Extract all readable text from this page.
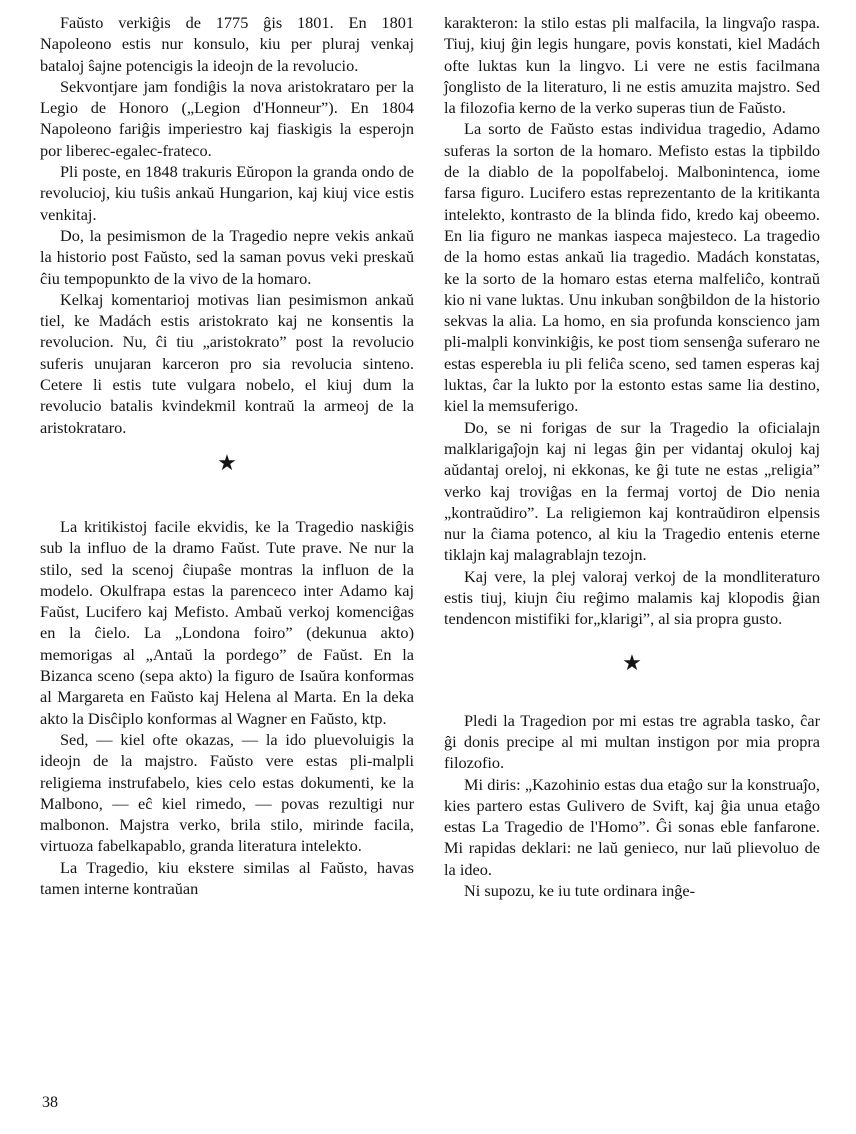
Faŭsto verkiĝis de 1775 ĝis 1801. En 1801 Napoleono estis nur konsulo, kiu per pluraj venkaj bataloj ŝajne potencigis la ideojn de la revolucio.

Sekvontjare jam fondiĝis la nova aristokrataro per la Legio de Honoro („Legion d'Honneur”). En 1804 Napoleono fariĝis imperiestro kaj fiaskigis la esperojn por liberec-egalec-frateco.

Pli poste, en 1848 trakuris Eŭropon la granda ondo de revolucioj, kiu tuŝis ankaŭ Hungarion, kaj kiuj vice estis venkitaj.

Do, la pesimismon de la Tragedio nepre vekis ankaŭ la historio post Faŭsto, sed la saman povus veki preskaŭ ĉiu tempopunkto de la vivo de la homaro.

Kelkaj komentarioj motivas lian pesimismon ankaŭ tiel, ke Madách estis aristokrato kaj ne konsentis la revolucion. Nu, ĉi tiu „aristokrato” post la revolucio suferis unujaran karceron pro sia revolucia sinteno. Cetere li estis tute vulgara nobelo, el kiuj dum la revolucio batalis kvindekmil kontraŭ la armeoj de la aristokrataro.

★

La kritikistoj facile ekvidis, ke la Tragedio naskiĝis sub la influo de la dramo Faŭst. Tute prave. Ne nur la stilo, sed la scenoj ĉiupaŝe montras la influon de la modelo. Okulfrapa estas la parenceco inter Adamo kaj Faŭst, Lucifero kaj Mefisto. Ambaŭ verkoj komenciĝas en la ĉielo. La „Londona foiro” (dekunua akto) memorigas al „Antaŭ la pordego” de Faŭst. En la Bizanca sceno (sepa akto) la figuro de Isaŭra konformas al Margareta en Faŭsto kaj Helena al Marta. En la deka akto la Disĉiplo konformas al Wagner en Faŭsto, ktp.

Sed, — kiel ofte okazas, — la ido pluevoluigis la ideojn de la majstro. Faŭsto vere estas pli-malpli religiema instrufabelo, kies celo estas dokumenti, ke la Malbono, — eĉ kiel rimedo, — povas rezultigi nur malbonon. Majstra verko, brila stilo, mirinde facila, virtuoza fabelkapablo, granda literatura intelekto.

La Tragedio, kiu ekstere similas al Faŭsto, havas tamen interne kontraŭan

karakteron: la stilo estas pli malfacila, la lingvaĵo raspa. Tiuj, kiuj ĝin legis hungare, povis konstati, kiel Madách ofte luktas kun la lingvo. Li vere ne estis facilmana ĵonglisto de la literaturo, li ne estis amuzita majstro. Sed la filozofia kerno de la verko superas tiun de Faŭsto.

La sorto de Faŭsto estas individua tragedio, Adamo suferas la sorton de la homaro. Mefisto estas la tipbildo de la diablo de la popolfabeloj. Malbonintenca, iome farsa figuro. Lucifero estas reprezentanto de la kritikanta intelekto, kontrasto de la blinda fido, kredo kaj obeemo. En lia figuro ne mankas iaspeca majesteco. La tragedio de la homo estas ankaŭ lia tragedio. Madách konstatas, ke la sorto de la homaro estas eterna malfeliĉo, kontraŭ kio ni vane luktas. Unu inkuban sonĝbildon de la historio sekvas la alia. La homo, en sia profunda konscienco jam pli-malpli konvinkiĝis, ke post tiom sensenĝa suferaro ne estas esperebla iu pli feliĉa sceno, sed tamen esperas kaj luktas, ĉar la lukto por la estonto estas same lia destino, kiel la memsuferigo.

Do, se ni forigas de sur la Tragedio la oficialajn malklarigaĵojn kaj ni legas ĝin per vidantaj okuloj kaj aŭdantaj oreloj, ni ekkonas, ke ĝi tute ne estas „religia” verko kaj troviĝas en la fermaj vortoj de Dio nenia „kontraŭdiro”. La religiemon kaj kontraŭdiron elpensis nur la ĉiama potenco, al kiu la Tragedio entenis eterne tiklajn kaj malagrablajn tezojn.

Kaj vere, la plej valoraj verkoj de la mondliteraturo estis tiuj, kiujn ĉiu reĝimo malamis kaj klopodis ĝian tendencon mistifiki for„klarigi”, al sia propra gusto.

★

Pledi la Tragedion por mi estas tre agrabla tasko, ĉar ĝi donis precipe al mi multan instigon por mia propra filozofio.

Mi diris: „Kazohinio estas dua etaĝo sur la konstruaĵo, kies partero estas Gulivero de Svift, kaj ĝia unua etaĝo estas La Tragedio de l'Homo”. Ĝi sonas eble fanfarone. Mi rapidas deklari: ne laŭ genieco, nur laŭ plievoluo de la ideo.

Ni supozu, ke iu tute ordinara inĝe-

38
